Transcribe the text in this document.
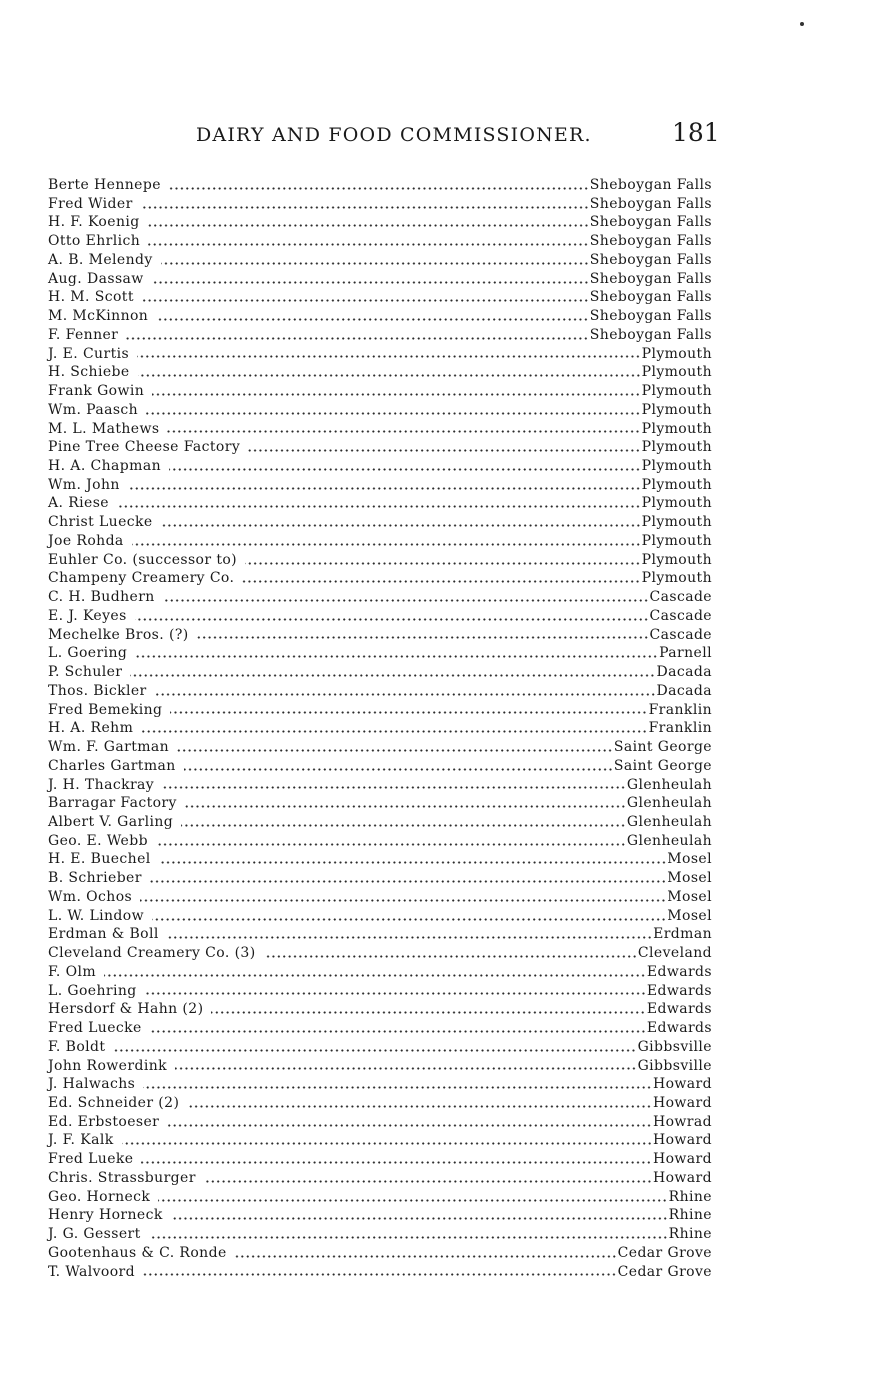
DAIRY AND FOOD COMMISSIONER.	181
Berte Hennepe	Sheboygan Falls
Fred Wider	Sheboygan Falls
H. F. Koenig	Sheboygan Falls
Otto Ehrlich	Sheboygan Falls
A. B. Melendy	Sheboygan Falls
Aug. Dassaw	Sheboygan Falls
H. M. Scott	Sheboygan Falls
M. McKinnon	Sheboygan Falls
F. Fenner	Sheboygan Falls
J. E. Curtis	Plymouth
H. Schiebe	Plymouth
Frank Gowin	Plymouth
Wm. Paasch	Plymouth
M. L. Mathews	Plymouth
Pine Tree Cheese Factory	Plymouth
H. A. Chapman	Plymouth
Wm. John	Plymouth
A. Riese	Plymouth
Christ Luecke	Plymouth
Joe Rohda	Plymouth
Euhler Co. (successor to)	Plymouth
Champeny Creamery Co.	Plymouth
C. H. Budhern	Cascade
E. J. Keyes	Cascade
Mechelke Bros. (?)	Cascade
L. Goering	Parnell
P. Schuler	Dacada
Thos. Bickler	Dacada
Fred Bemeking	Franklin
H. A. Rehm	Franklin
Wm. F. Gartman	Saint George
Charles Gartman	Saint George
J. H. Thackray	Glenheulah
Barragar Factory	Glenheulah
Albert V. Garling	Glenheulah
Geo. E. Webb	Glenheulah
H. E. Buechel	Mosel
B. Schrieber	Mosel
Wm. Ochos	Mosel
L. W. Lindow	Mosel
Erdman & Boll	Erdman
Cleveland Creamery Co. (3)	Cleveland
F. Olm	Edwards
L. Goehring	Edwards
Hersdorf & Hahn (2)	Edwards
Fred Luecke	Edwards
F. Boldt	Gibbsville
John Rowerdink	Gibbsville
J. Halwachs	Howard
Ed. Schneider (2)	Howard
Ed. Erbstoeser	Howrad
J. F. Kalk	Howard
Fred Lueke	Howard
Chris. Strassburger	Howard
Geo. Horneck	Rhine
Henry Horneck	Rhine
J. G. Gessert	Rhine
Gootenhaus & C. Ronde	Cedar Grove
T. Walvoord	Cedar Grove
